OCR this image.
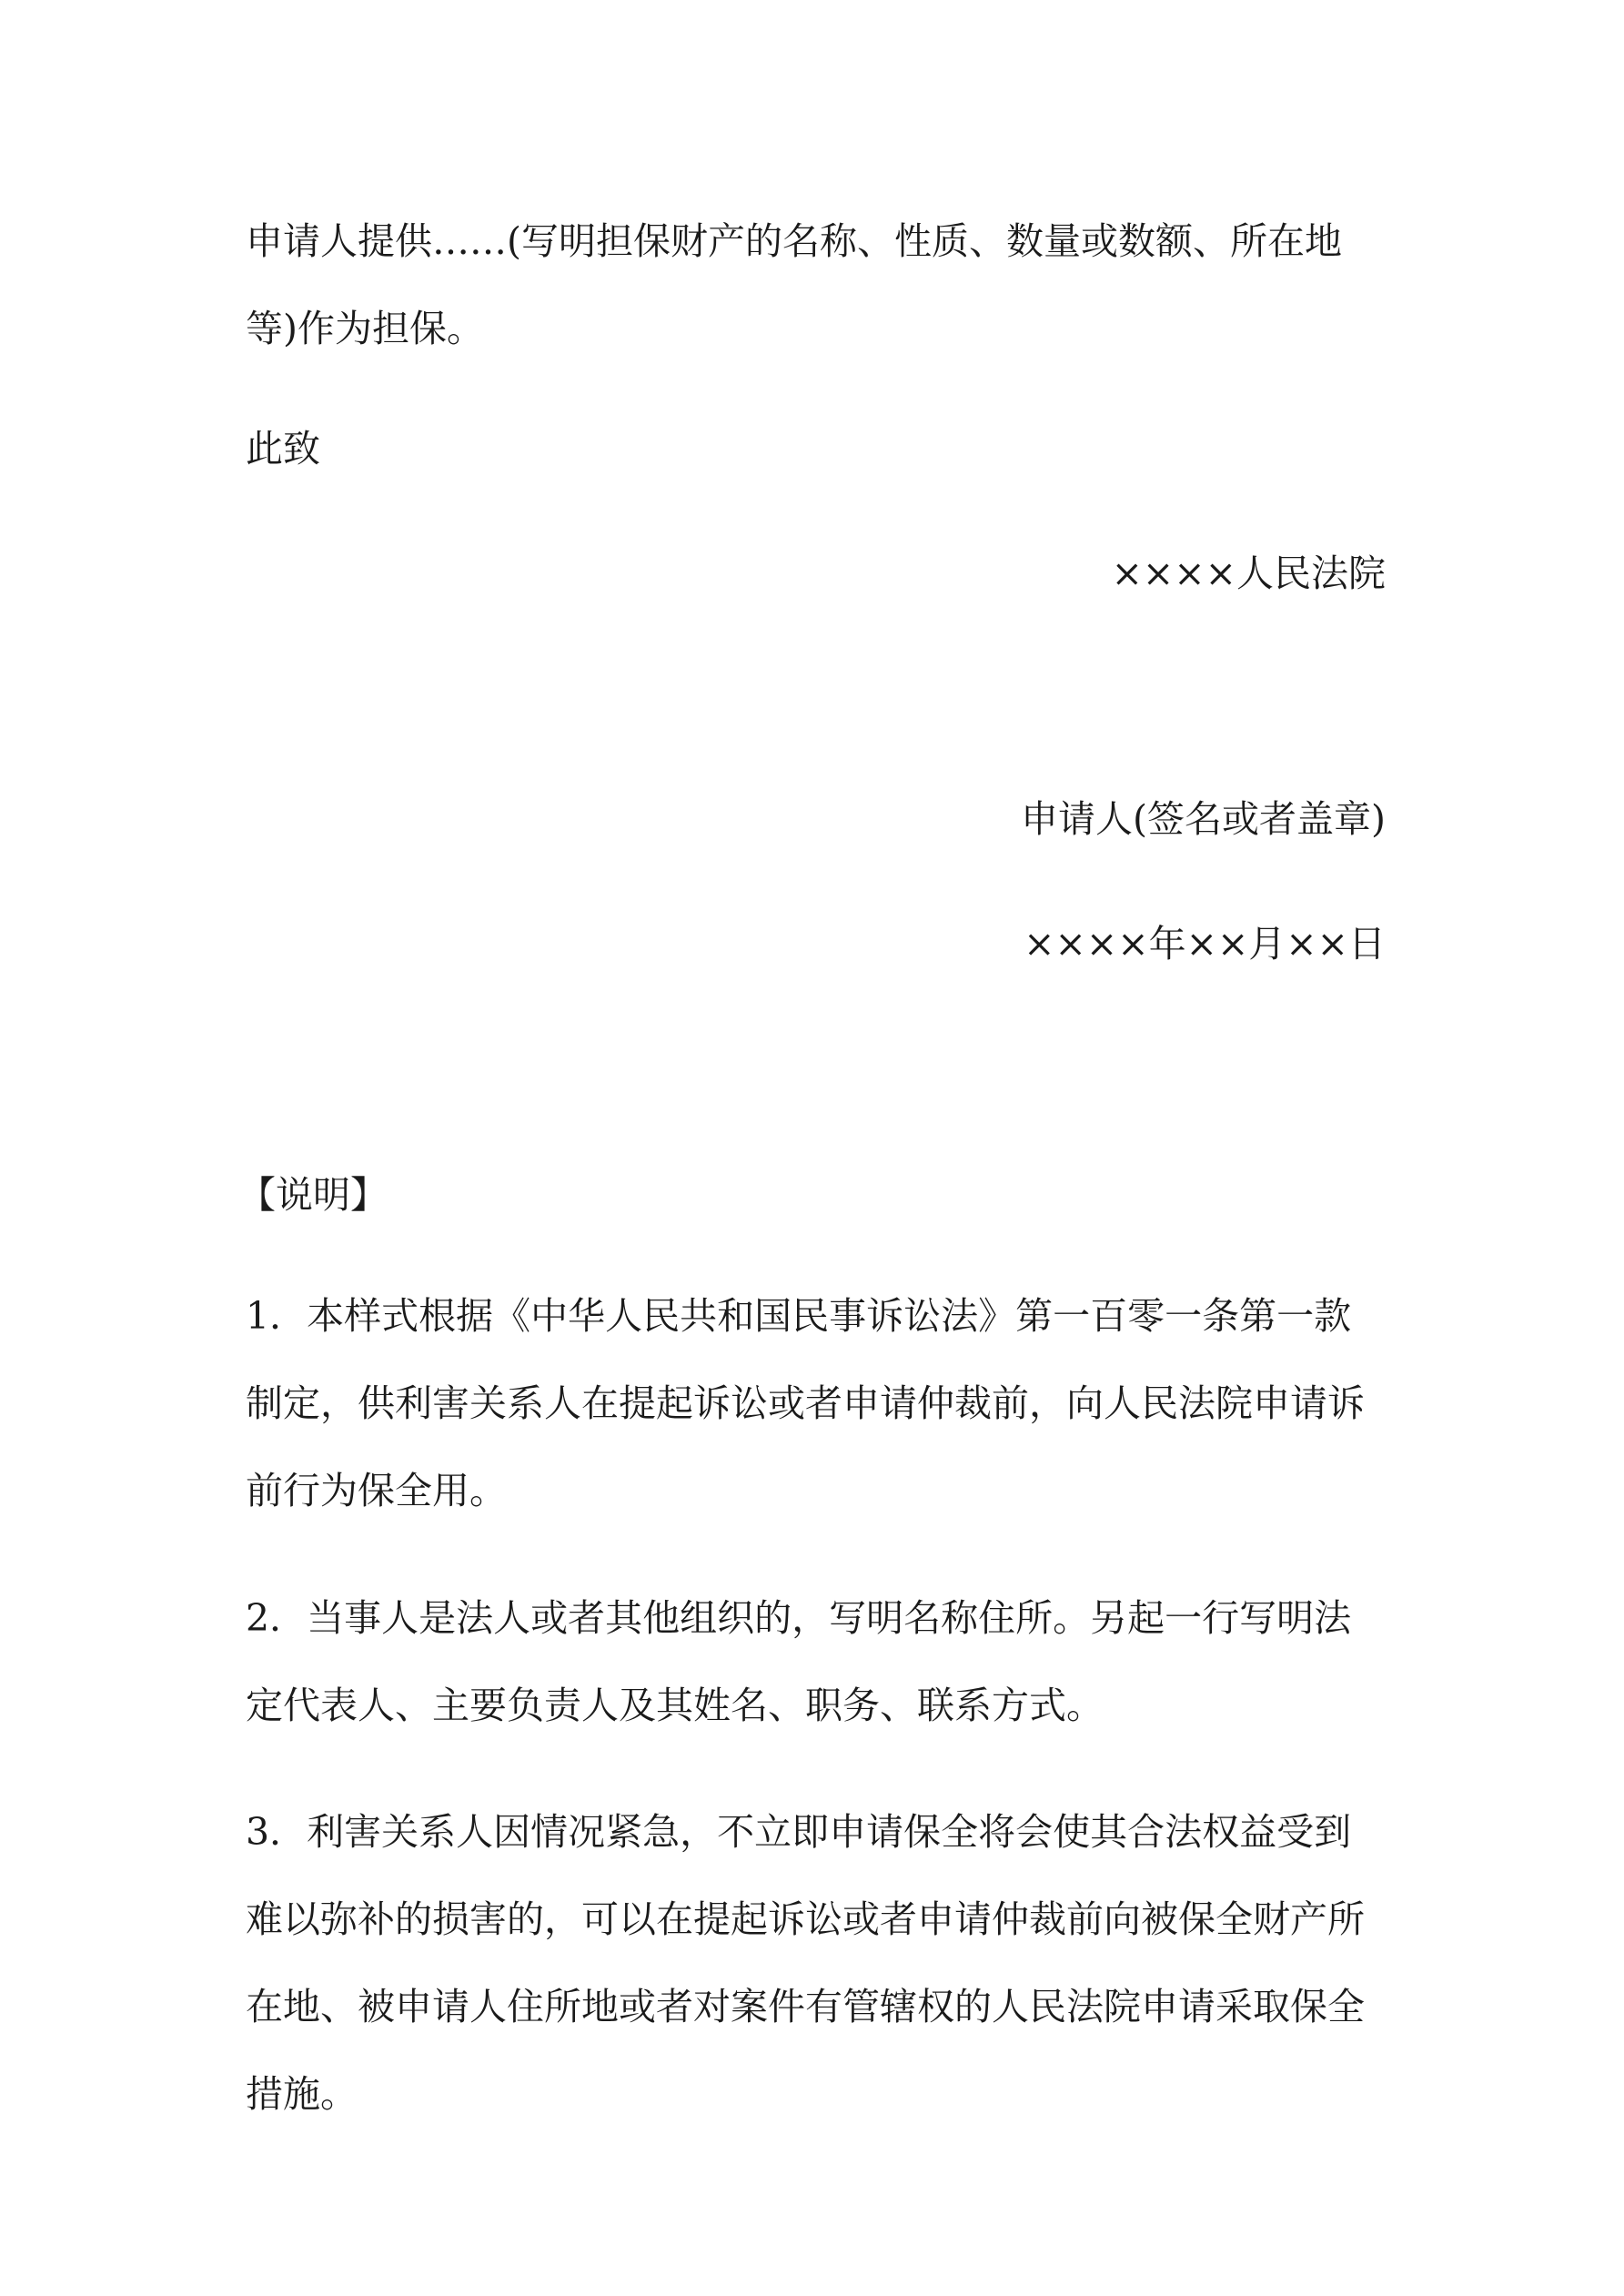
申请人提供……(写明担保财产的名称、性质、数量或数额、所在地等)作为担保。

此致

××××人民法院

申请人(签名或者盖章)

××××年××月××日

【说明】

1．本样式根据《中华人民共和国民事诉讼法》第一百零一条第一款制定，供利害关系人在提起诉讼或者申请仲裁前，向人民法院申请诉前行为保全用。

2．当事人是法人或者其他组织的，写明名称住所。另起一行写明法定代表人、主要负责人及其姓名、职务、联系方式。

3．利害关系人因情况紧急，不立即申请保全将会使其合法权益受到难以弥补的损害的，可以在提起诉讼或者申请仲裁前向被保全财产所在地、被申请人住所地或者对案件有管辖权的人民法院申请采取保全措施。
